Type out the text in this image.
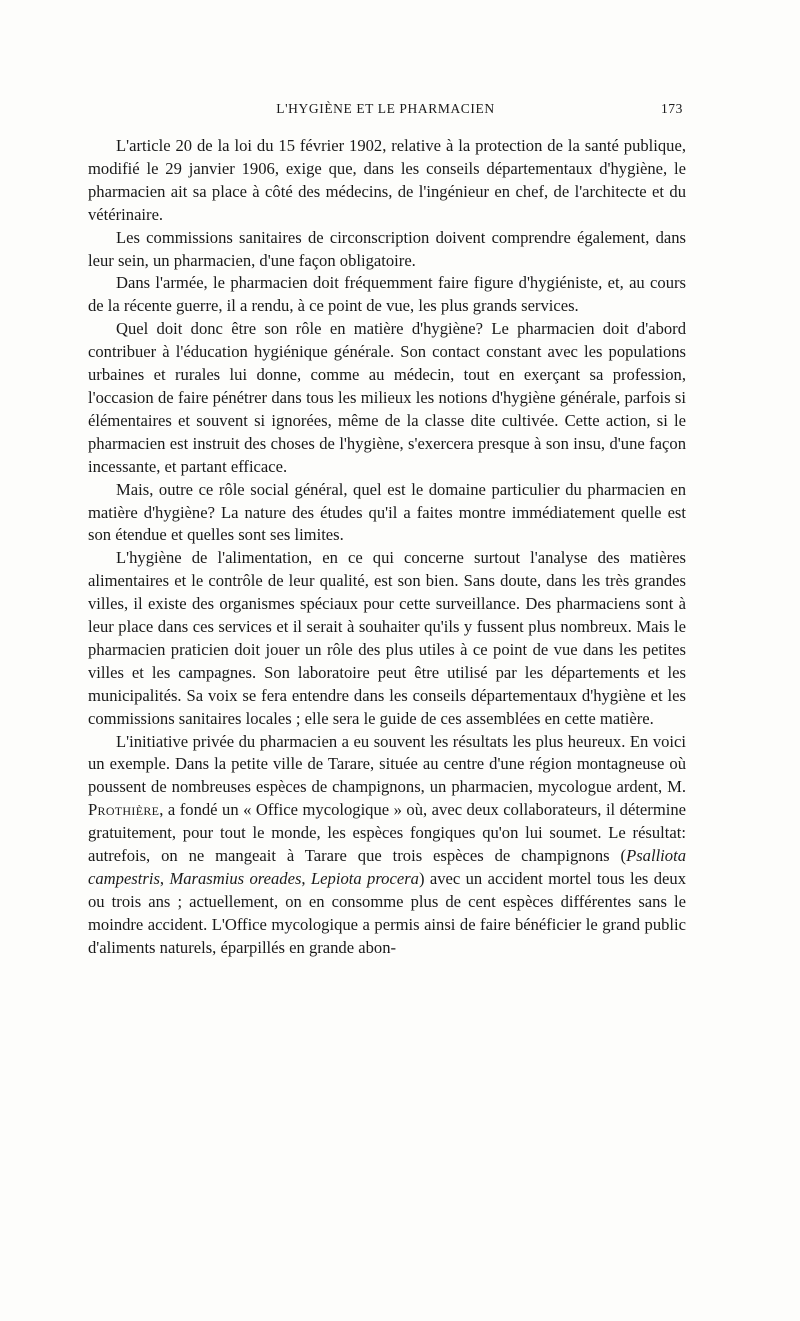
L'HYGIÈNE ET LE PHARMACIEN	173

L'article 20 de la loi du 15 février 1902, relative à la protection de la santé publique, modifié le 29 janvier 1906, exige que, dans les conseils départementaux d'hygiène, le pharmacien ait sa place à côté des médecins, de l'ingénieur en chef, de l'architecte et du vétérinaire.

Les commissions sanitaires de circonscription doivent comprendre également, dans leur sein, un pharmacien, d'une façon obligatoire.

Dans l'armée, le pharmacien doit fréquemment faire figure d'hygiéniste, et, au cours de la récente guerre, il a rendu, à ce point de vue, les plus grands services.

Quel doit donc être son rôle en matière d'hygiène? Le pharmacien doit d'abord contribuer à l'éducation hygiénique générale. Son contact constant avec les populations urbaines et rurales lui donne, comme au médecin, tout en exerçant sa profession, l'occasion de faire pénétrer dans tous les milieux les notions d'hygiène générale, parfois si élémentaires et souvent si ignorées, même de la classe dite cultivée. Cette action, si le pharmacien est instruit des choses de l'hygiène, s'exercera presque à son insu, d'une façon incessante, et partant efficace.

Mais, outre ce rôle social général, quel est le domaine particulier du pharmacien en matière d'hygiène? La nature des études qu'il a faites montre immédiatement quelle est son étendue et quelles sont ses limites.

L'hygiène de l'alimentation, en ce qui concerne surtout l'analyse des matières alimentaires et le contrôle de leur qualité, est son bien. Sans doute, dans les très grandes villes, il existe des organismes spéciaux pour cette surveillance. Des pharmaciens sont à leur place dans ces services et il serait à souhaiter qu'ils y fussent plus nombreux. Mais le pharmacien praticien doit jouer un rôle des plus utiles à ce point de vue dans les petites villes et les campagnes. Son laboratoire peut être utilisé par les départements et les municipalités. Sa voix se fera entendre dans les conseils départementaux d'hygiène et les commissions sanitaires locales ; elle sera le guide de ces assemblées en cette matière.

L'initiative privée du pharmacien a eu souvent les résultats les plus heureux. En voici un exemple. Dans la petite ville de Tarare, située au centre d'une région montagneuse où poussent de nombreuses espèces de champignons, un pharmacien, mycologue ardent, M. Prothière, a fondé un « Office mycologique » où, avec deux collaborateurs, il détermine gratuitement, pour tout le monde, les espèces fongiques qu'on lui soumet. Le résultat: autrefois, on ne mangeait à Tarare que trois espèces de champignons (Psalliota campestris, Marasmius oreades, Lepiota procera) avec un accident mortel tous les deux ou trois ans ; actuellement, on en consomme plus de cent espèces différentes sans le moindre accident. L'Office mycologique a permis ainsi de faire bénéficier le grand public d'aliments naturels, éparpillés en grande abon-
